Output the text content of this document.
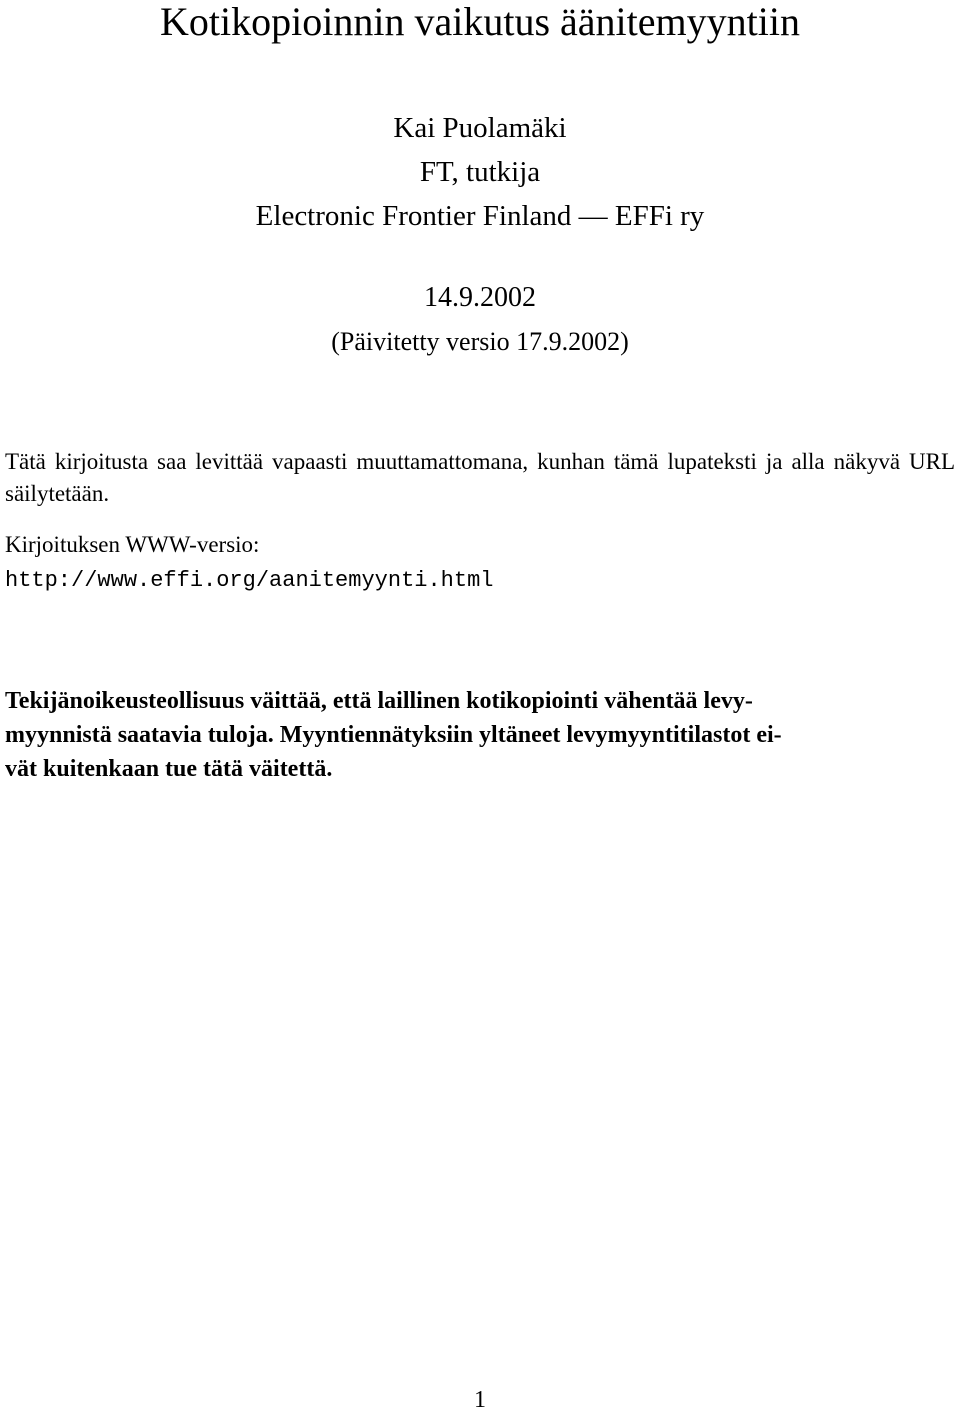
Kotikopioinnin vaikutus äänitemyyntiin
Kai Puolamäki
FT, tutkija
Electronic Frontier Finland — EFFi ry
14.9.2002
(Päivitetty versio 17.9.2002)

Tätä kirjoitusta saa levittää vapaasti muuttamattomana, kunhan tämä lupateksti ja alla näkyvä URL säilytetään.

Kirjoituksen WWW-versio:
http://www.effi.org/aanitemyynti.html
Tekijänoikeusteollisuus väittää, että laillinen kotikopiointi vähentää levy-
myynnistä saatavia tuloja. Myyntiennätyksiin yltäneet levymyyntitilastot ei-
vät kuitenkaan tue tätä väitettä.
1
